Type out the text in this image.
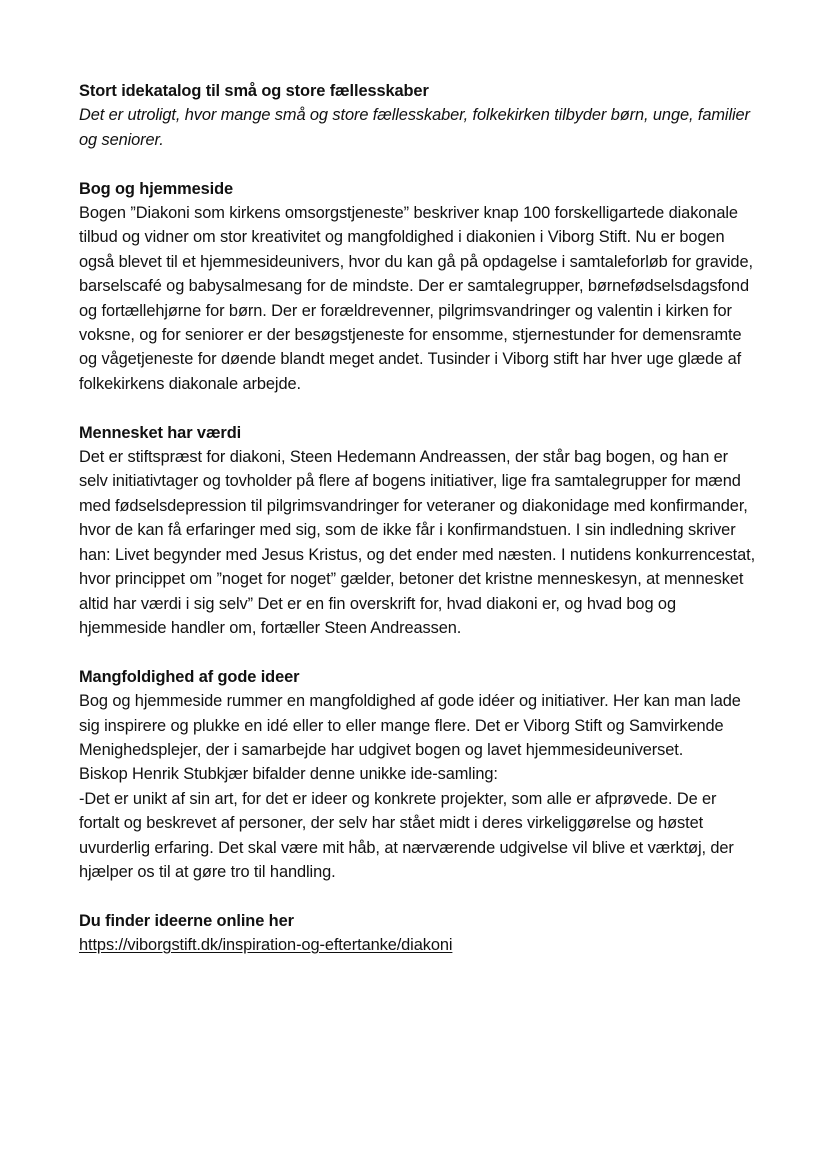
Stort idekatalog til små og store fællesskaber

Det er utroligt, hvor mange små og store fællesskaber, folkekirken tilbyder børn, unge, familier og seniorer.

Bog og hjemmeside

Bogen ”Diakoni som kirkens omsorgstjeneste” beskriver knap 100 forskelligartede diakonale tilbud og vidner om stor kreativitet og mangfoldighed i diakonien i Viborg Stift. Nu er bogen også blevet til et hjemmesideunivers, hvor du kan gå på opdagelse i samtaleforløb for gravide, barselscafé og babysalmesang for de mindste. Der er samtalegrupper, børnefødselsdagsfond og fortællehjørne for børn. Der er forældrevenner, pilgrimsvandringer og valentin i kirken for voksne, og for seniorer er der besøgstjeneste for ensomme, stjernestunder for demensramte og vågetjeneste for døende blandt meget andet. Tusinder i Viborg stift har hver uge glæde af folkekirkens diakonale arbejde.

Mennesket har værdi

Det er stiftspræst for diakoni, Steen Hedemann Andreassen, der står bag bogen, og han er selv initiativtager og tovholder på flere af bogens initiativer, lige fra samtalegrupper for mænd med fødselsdepression til pilgrimsvandringer for veteraner og diakonidage med konfirmander, hvor de kan få erfaringer med sig, som de ikke får i konfirmandstuen. I sin indledning skriver han: Livet begynder med Jesus Kristus, og det ender med næsten. I nutidens konkurrencestat, hvor princippet om ”noget for noget” gælder, betoner det kristne menneskesyn, at mennesket altid har værdi i sig selv” Det er en fin overskrift for, hvad diakoni er, og hvad bog og hjemmeside handler om, fortæller Steen Andreassen.

Mangfoldighed af gode ideer

Bog og hjemmeside rummer en mangfoldighed af gode idéer og initiativer. Her kan man lade sig inspirere og plukke en idé eller to eller mange flere. Det er Viborg Stift og Samvirkende Menighedsplejer, der i samarbejde har udgivet bogen og lavet hjemmesideuniverset.

Biskop Henrik Stubkjær bifalder denne unikke ide-samling:

-Det er unikt af sin art, for det er ideer og konkrete projekter, som alle er afprøvede. De er fortalt og beskrevet af personer, der selv har stået midt i deres virkeliggørelse og høstet uvurderlig erfaring. Det skal være mit håb, at nærværende udgivelse vil blive et værktøj, der hjælper os til at gøre tro til handling.

Du finder ideerne online her

https://viborgstift.dk/inspiration-og-eftertanke/diakoni
